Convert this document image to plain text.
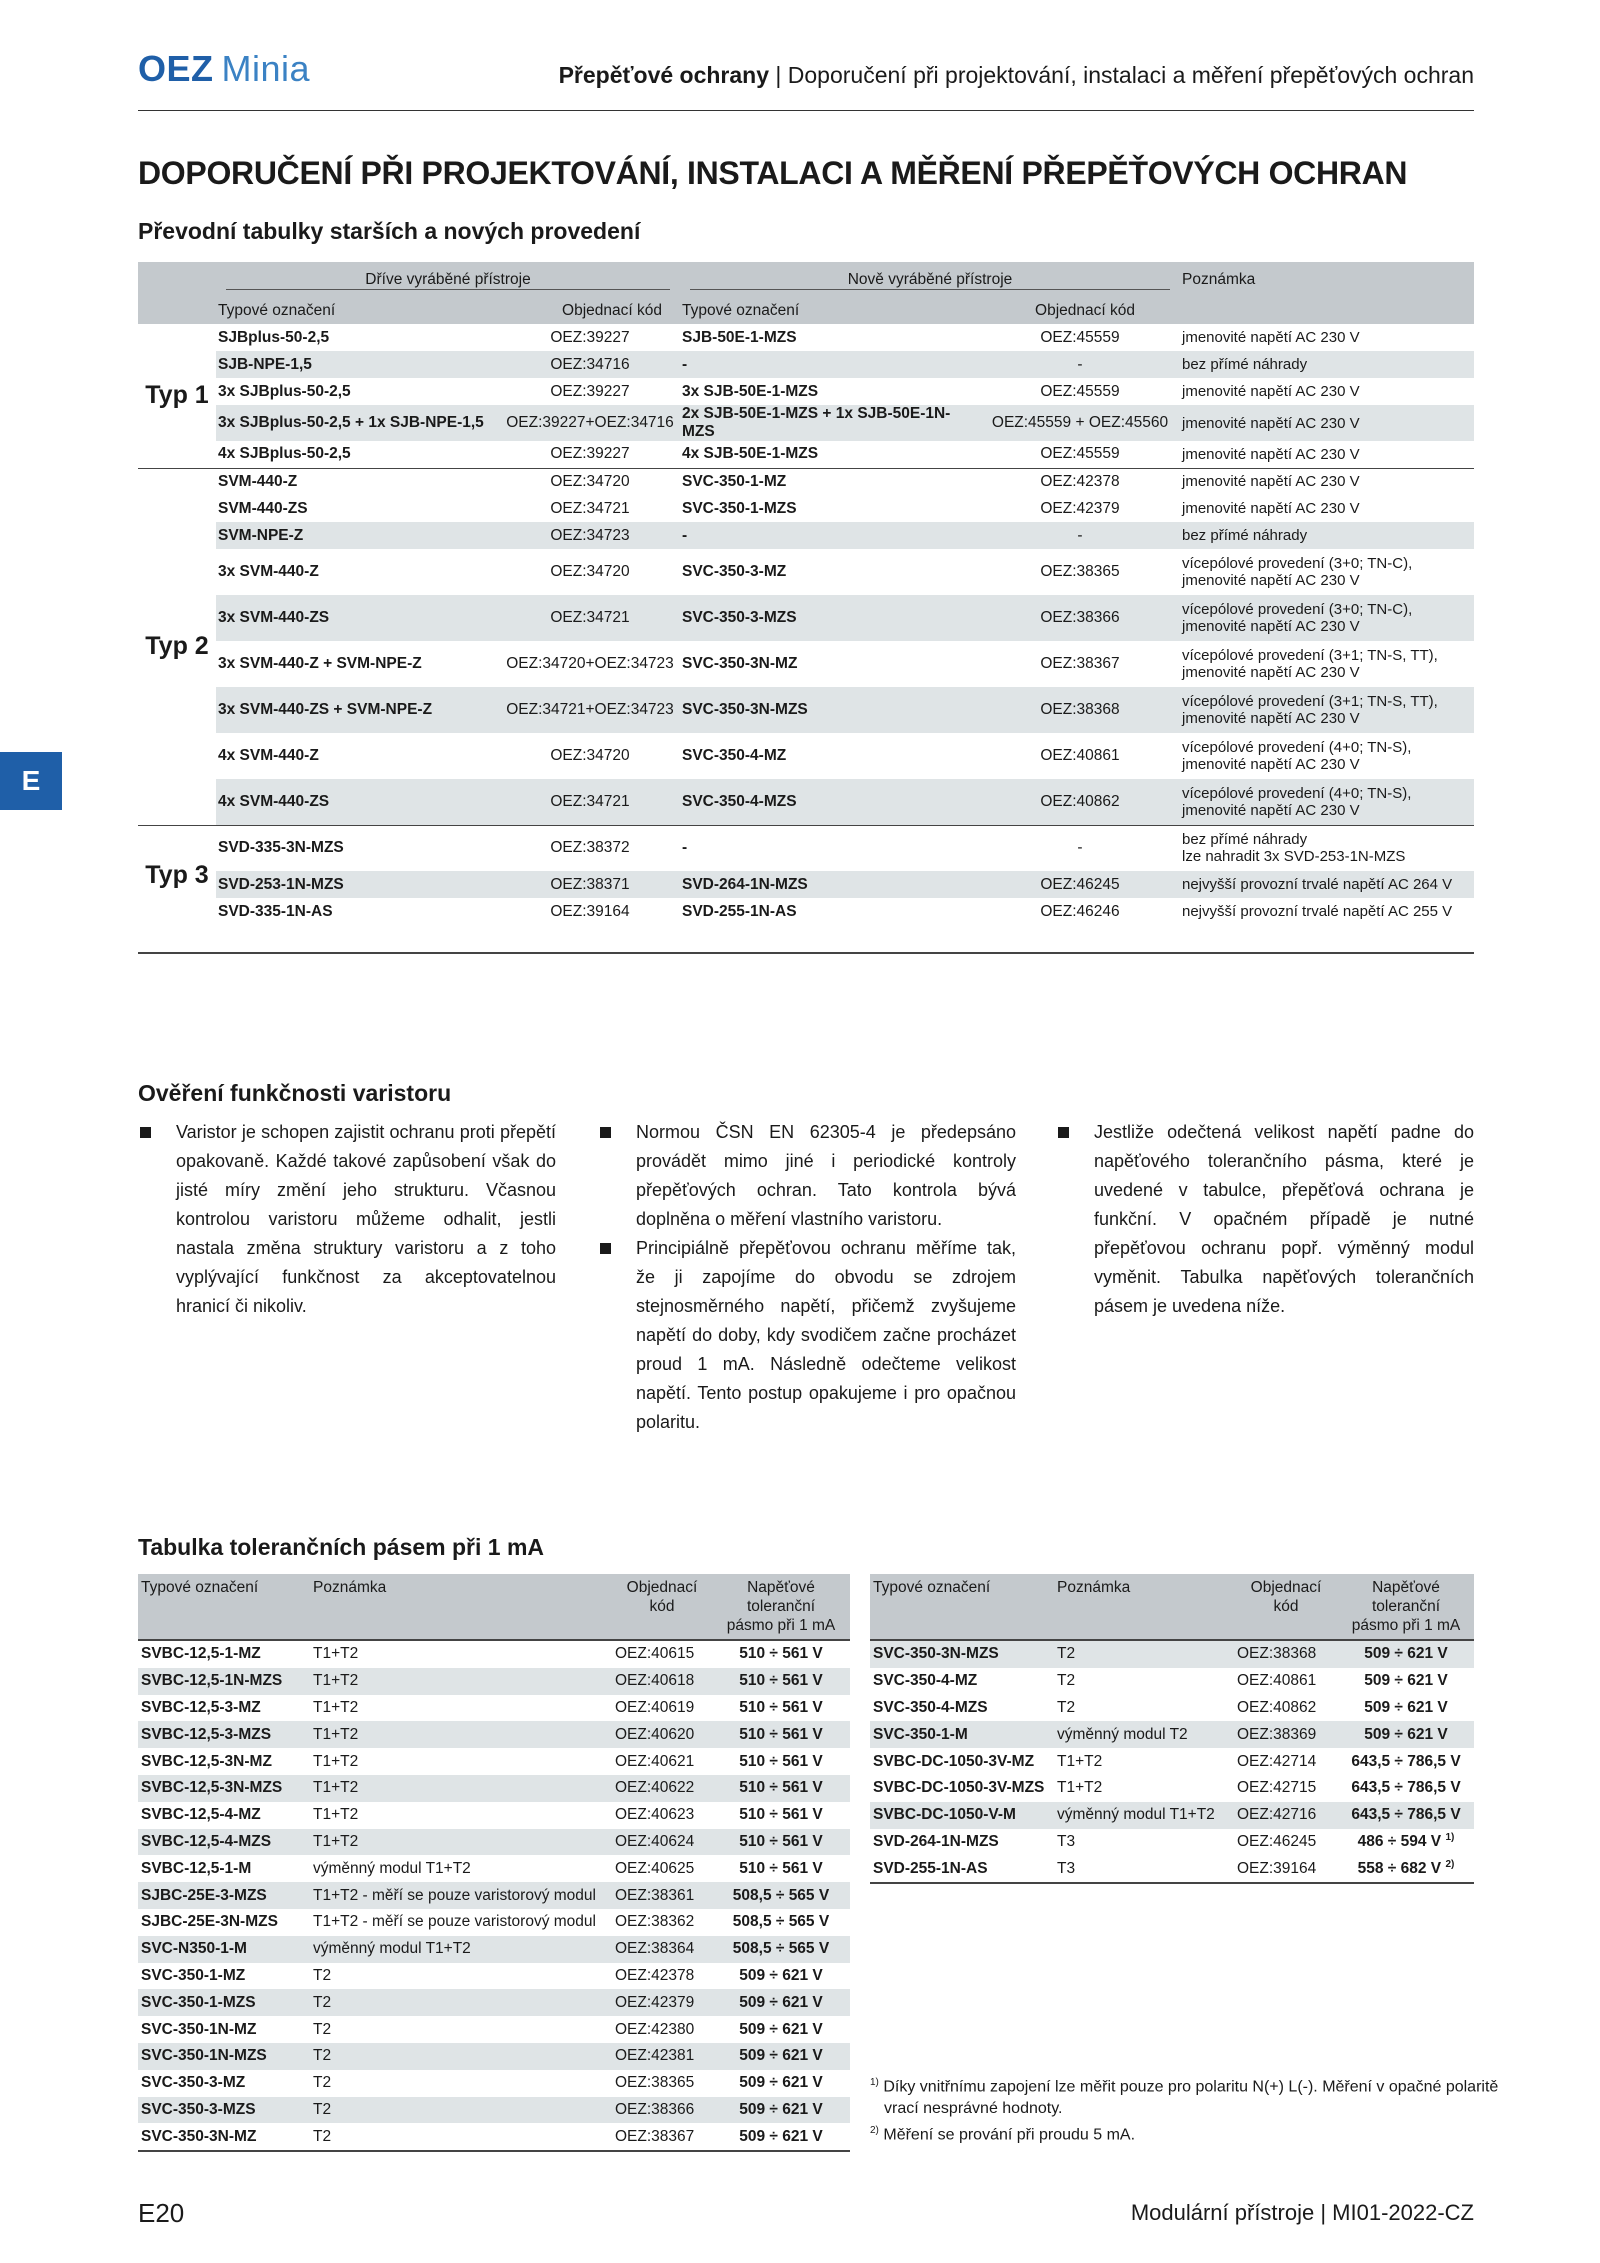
OEZ Minia	Přepěťové ochrany | Doporučení při projektování, instalaci a měření přepěťových ochran
E
DOPORUČENÍ PŘI PROJEKTOVÁNÍ, INSTALACI A MĚŘENÍ PŘEPĚŤOVÝCH OCHRAN
Převodní tabulky starších a nových provedení

	Dříve vyráběné přístroje		Nově vyráběné přístroje		Poznámka
	Typové označení	Objednací kód	Typové označení	Objednací kód	
Typ 1	SJBplus-50-2,5	OEZ:39227	SJB-50E-1-MZS	OEZ:45559	jmenovité napětí AC 230 V

	SJB-NPE-1,5	OEZ:34716	-	-	bez přímé náhrady

	3x SJBplus-50-2,5	OEZ:39227	3x SJB-50E-1-MZS	OEZ:45559	jmenovité napětí AC 230 V

	3x SJBplus-50-2,5 + 1x SJB-NPE-1,5	OEZ:39227+OEZ:34716	2x SJB-50E-1-MZS + 1x SJB-50E-1N-MZS	OEZ:45559 + OEZ:45560	jmenovité napětí AC 230 V

	4x SJBplus-50-2,5	OEZ:39227	4x SJB-50E-1-MZS	OEZ:45559	jmenovité napětí AC 230 V

Typ 2	SVM-440-Z	OEZ:34720	SVC-350-1-MZ	OEZ:42378	jmenovité napětí AC 230 V

	SVM-440-ZS	OEZ:34721	SVC-350-1-MZS	OEZ:42379	jmenovité napětí AC 230 V

	SVM-NPE-Z	OEZ:34723	-	-	bez přímé náhrady

	3x SVM-440-Z	OEZ:34720	SVC-350-3-MZ	OEZ:38365	vícepólové provedení (3+0; TN-C),
jmenovité napětí AC 230 V

	3x SVM-440-ZS	OEZ:34721	SVC-350-3-MZS	OEZ:38366	vícepólové provedení (3+0; TN-C),
jmenovité napětí AC 230 V

	3x SVM-440-Z + SVM-NPE-Z	OEZ:34720+OEZ:34723	SVC-350-3N-MZ	OEZ:38367	vícepólové provedení (3+1; TN-S, TT),
jmenovité napětí AC 230 V

	3x SVM-440-ZS + SVM-NPE-Z	OEZ:34721+OEZ:34723	SVC-350-3N-MZS	OEZ:38368	vícepólové provedení (3+1; TN-S, TT),
jmenovité napětí AC 230 V

	4x SVM-440-Z	OEZ:34720	SVC-350-4-MZ	OEZ:40861	vícepólové provedení (4+0; TN-S),
jmenovité napětí AC 230 V

	4x SVM-440-ZS	OEZ:34721	SVC-350-4-MZS	OEZ:40862	vícepólové provedení (4+0; TN-S),
jmenovité napětí AC 230 V

Typ 3	SVD-335-3N-MZS	OEZ:38372	-	-	bez přímé náhrady
lze nahradit 3x SVD-253-1N-MZS

	SVD-253-1N-MZS	OEZ:38371	SVD-264-1N-MZS	OEZ:46245	nejvyšší provozní trvalé napětí AC 264 V

	SVD-335-1N-AS	OEZ:39164	SVD-255-1N-AS	OEZ:46246	nejvyšší provozní trvalé napětí AC 255 V
Ověření funkčnosti varistoru
Varistor je schopen zajistit ochranu proti přepětí opakovaně. Každé takové zapůsobení však do jisté míry změní jeho strukturu. Včasnou kontrolou varistoru můžeme odhalit, jestli nastala změna struktury varistoru a z toho vyplývající funkčnost za akceptovatelnou hranicí či nikoliv.
Normou ČSN EN 62305-4 je předepsáno provádět mimo jiné i periodické kontroly přepěťových ochran. Tato kontrola bývá doplněna o měření vlastního varistoru.
Principiálně přepěťovou ochranu měříme tak, že ji zapojíme do obvodu se zdrojem stejnosměrného napětí, přičemž zvyšujeme napětí do doby, kdy svodičem začne procházet proud 1 mA. Následně odečteme velikost napětí. Tento postup opakujeme i pro opačnou polaritu.
Jestliže odečtená velikost napětí padne do napěťového tolerančního pásma, které je uvedené v tabulce, přepěťová ochrana je funkční. V opačném případě je nutné přepěťovou ochranu popř. výměnný modul vyměnit. Tabulka napěťových tolerančních pásem je uvedena níže.
Tabulka tolerančních pásem při 1 mA
Typové označení	Poznámka	Objednací
kód	Napěťové toleranční
pásmo při 1 mA
SVBC-12,5-1-MZ	T1+T2	OEZ:40615	510 ÷ 561 V
SVBC-12,5-1N-MZS	T1+T2	OEZ:40618	510 ÷ 561 V
SVBC-12,5-3-MZ	T1+T2	OEZ:40619	510 ÷ 561 V
SVBC-12,5-3-MZS	T1+T2	OEZ:40620	510 ÷ 561 V
SVBC-12,5-3N-MZ	T1+T2	OEZ:40621	510 ÷ 561 V
SVBC-12,5-3N-MZS	T1+T2	OEZ:40622	510 ÷ 561 V
SVBC-12,5-4-MZ	T1+T2	OEZ:40623	510 ÷ 561 V
SVBC-12,5-4-MZS	T1+T2	OEZ:40624	510 ÷ 561 V
SVBC-12,5-1-M	výměnný modul T1+T2	OEZ:40625	510 ÷ 561 V
SJBC-25E-3-MZS	T1+T2 - měří se pouze varistorový modul	OEZ:38361	508,5 ÷ 565 V
SJBC-25E-3N-MZS	T1+T2 - měří se pouze varistorový modul	OEZ:38362	508,5 ÷ 565 V
SVC-N350-1-M	výměnný modul T1+T2	OEZ:38364	508,5 ÷ 565 V
SVC-350-1-MZ	T2	OEZ:42378	509 ÷ 621 V
SVC-350-1-MZS	T2	OEZ:42379	509 ÷ 621 V
SVC-350-1N-MZ	T2	OEZ:42380	509 ÷ 621 V
SVC-350-1N-MZS	T2	OEZ:42381	509 ÷ 621 V
SVC-350-3-MZ	T2	OEZ:38365	509 ÷ 621 V
SVC-350-3-MZS	T2	OEZ:38366	509 ÷ 621 V
SVC-350-3N-MZ	T2	OEZ:38367	509 ÷ 621 V
Typové označení	Poznámka	Objednací
kód	Napěťové toleranční
pásmo při 1 mA
SVC-350-3N-MZS	T2	OEZ:38368	509 ÷ 621 V
SVC-350-4-MZ	T2	OEZ:40861	509 ÷ 621 V
SVC-350-4-MZS	T2	OEZ:40862	509 ÷ 621 V
SVC-350-1-M	výměnný modul T2	OEZ:38369	509 ÷ 621 V
SVBC-DC-1050-3V-MZ	T1+T2	OEZ:42714	643,5 ÷ 786,5 V
SVBC-DC-1050-3V-MZS	T1+T2	OEZ:42715	643,5 ÷ 786,5 V
SVBC-DC-1050-V-M	výměnný modul T1+T2	OEZ:42716	643,5 ÷ 786,5 V
SVD-264-1N-MZS	T3	OEZ:46245	486 ÷ 594 V $^{1)}$
SVD-255-1N-AS	T3	OEZ:39164	558 ÷ 682 V $^{2)}$
$^{1)}$ Díky vnitřnímu zapojení lze měřit pouze pro polaritu N(+) L(-). Měření v opačné polaritě
vrací nesprávné hodnoty.
$^{2)}$ Měření se prování při proudu 5 mA.
E20	Modulární přístroje | MI01-2022-CZ
